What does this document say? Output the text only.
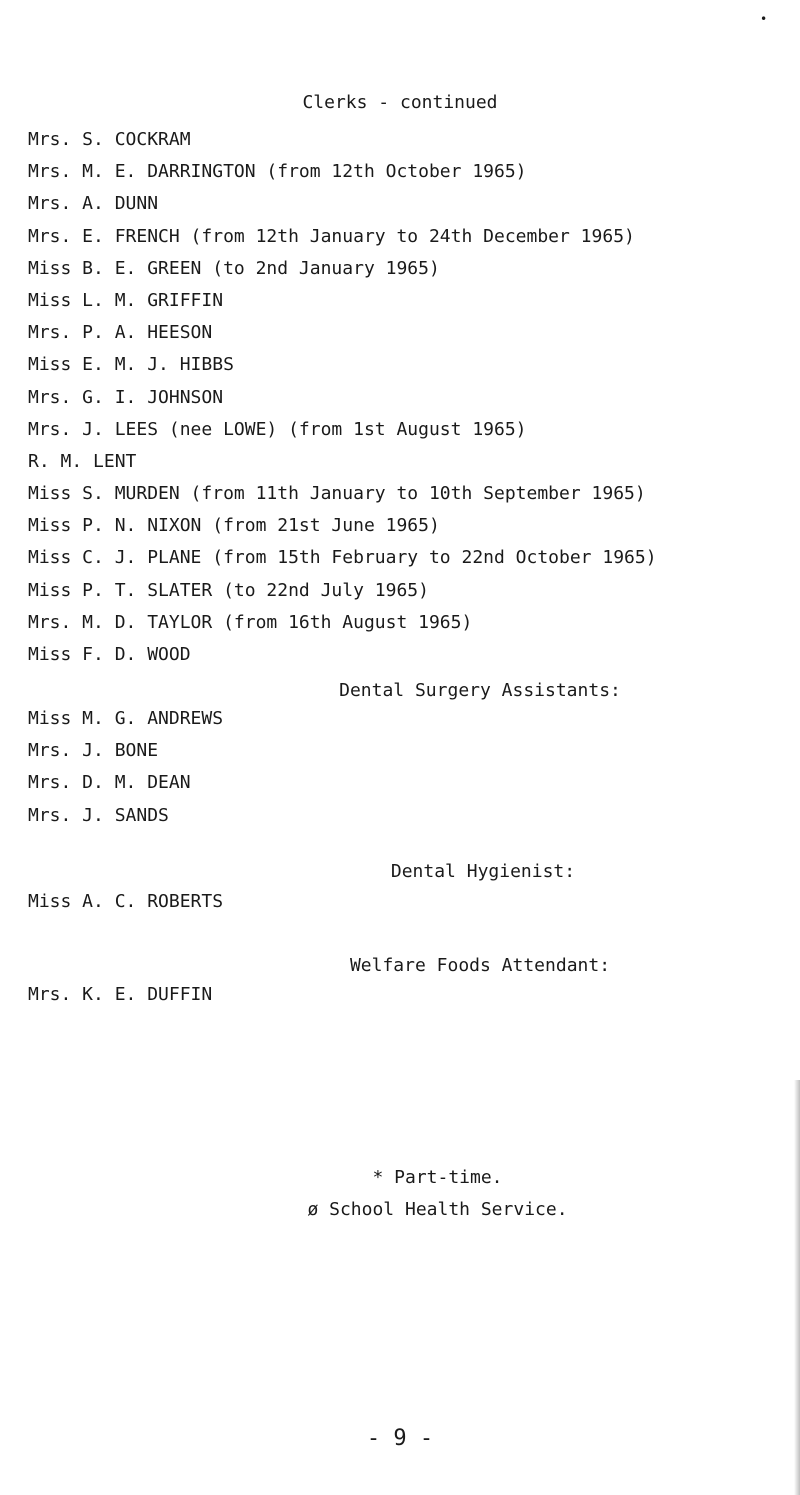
•
Clerks - continued
Mrs. S. COCKRAM
Mrs. M. E. DARRINGTON (from 12th October 1965)
Mrs. A. DUNN
Mrs. E. FRENCH (from 12th January to 24th December 1965)
Miss B. E. GREEN (to 2nd January 1965)
Miss L. M. GRIFFIN
Mrs. P. A. HEESON
Miss E. M. J. HIBBS
Mrs. G. I. JOHNSON
Mrs. J. LEES (nee LOWE) (from 1st August 1965)
R. M. LENT
Miss S. MURDEN (from 11th January to 10th September 1965)
Miss P. N. NIXON (from 21st June 1965)
Miss C. J. PLANE (from 15th February to 22nd October 1965)
Miss P. T. SLATER (to 22nd July 1965)
Mrs. M. D. TAYLOR (from 16th August 1965)
Miss F. D. WOOD
Dental Surgery Assistants:
Miss M. G. ANDREWS
Mrs. J. BONE
Mrs. D. M. DEAN
Mrs. J. SANDS
Dental Hygienist:
Miss A. C. ROBERTS
Welfare Foods Attendant:
Mrs. K. E. DUFFIN
* Part-time.
ø School Health Service.
- 9 -
